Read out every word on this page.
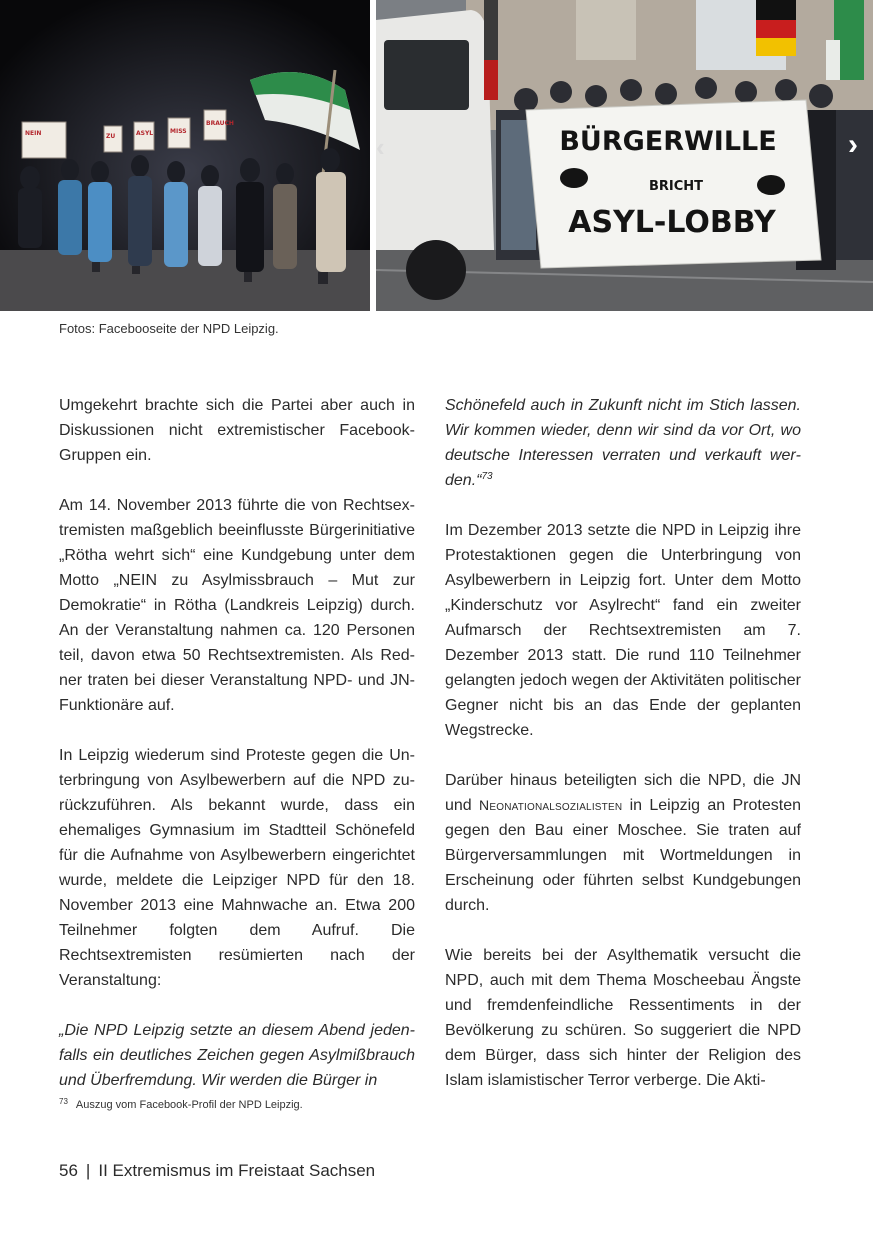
NEIN	ZU	ASYL	MISS
BRAUCH
BÜRGERWILLE
BRICHT
ASYL-LOBBY
‹	›
Fotos: Facebooseite der NPD Leipzig.

Umgekehrt brachte sich die Partei aber auch in Diskussionen nicht extremistischer Facebook-Gruppen ein.

Am 14. November 2013 führte die von Rechtsextremisten maßgeblich beeinflusste Bürgerinitiative „Rötha wehrt sich“ eine Kundgebung unter dem Motto „NEIN zu Asylmissbrauch – Mut zur Demokratie“ in Rötha (Landkreis Leipzig) durch. An der Veranstaltung nahmen ca. 120 Personen teil, davon etwa 50 Rechtsextremisten. Als Redner traten bei dieser Veranstaltung NPD- und JN-Funktionäre auf.

In Leipzig wiederum sind Proteste gegen die Unterbringung von Asylbewerbern auf die NPD zurückzuführen. Als bekannt wurde, dass ein ehemaliges Gymnasium im Stadtteil Schönefeld für die Aufnahme von Asylbewerbern eingerichtet wurde, meldete die Leipziger NPD für den 18. November 2013 eine Mahnwache an. Etwa 200 Teilnehmer folgten dem Aufruf. Die Rechtsextremisten resümierten nach der Veranstaltung:

„Die NPD Leipzig setzte an diesem Abend jedenfalls ein deutliches Zeichen gegen Asylmißbrauch und Überfremdung. Wir werden die Bürger in

Schönefeld auch in Zukunft nicht im Stich lassen. Wir kommen wieder, denn wir sind da vor Ort, wo deutsche Interessen verraten und verkauft werden.“$^{73}$

Im Dezember 2013 setzte die NPD in Leipzig ihre Protestaktionen gegen die Unterbringung von Asylbewerbern in Leipzig fort. Unter dem Motto „Kinderschutz vor Asylrecht“ fand ein zweiter Aufmarsch der Rechtsextremisten am 7. Dezember 2013 statt. Die rund 110 Teilnehmer gelangten jedoch wegen der Aktivitäten politischer Gegner nicht bis an das Ende der geplanten Wegstrecke.

Darüber hinaus beteiligten sich die NPD, die JN und Neonationalsozialisten in Leipzig an Protesten gegen den Bau einer Moschee. Sie traten auf Bürgerversammlungen mit Wortmeldungen in Erscheinung oder führten selbst Kundgebungen durch.

Wie bereits bei der Asylthematik versucht die NPD, auch mit dem Thema Moscheebau Ängste und fremdenfeindliche Ressentiments in der Bevölkerung zu schüren. So suggeriert die NPD dem Bürger, dass sich hinter der Religion des Islam islamistischer Terror verberge. Die Akti-

$^{73}$ Auszug vom Facebook-Profil der NPD Leipzig.
56 | II Extremismus im Freistaat Sachsen
